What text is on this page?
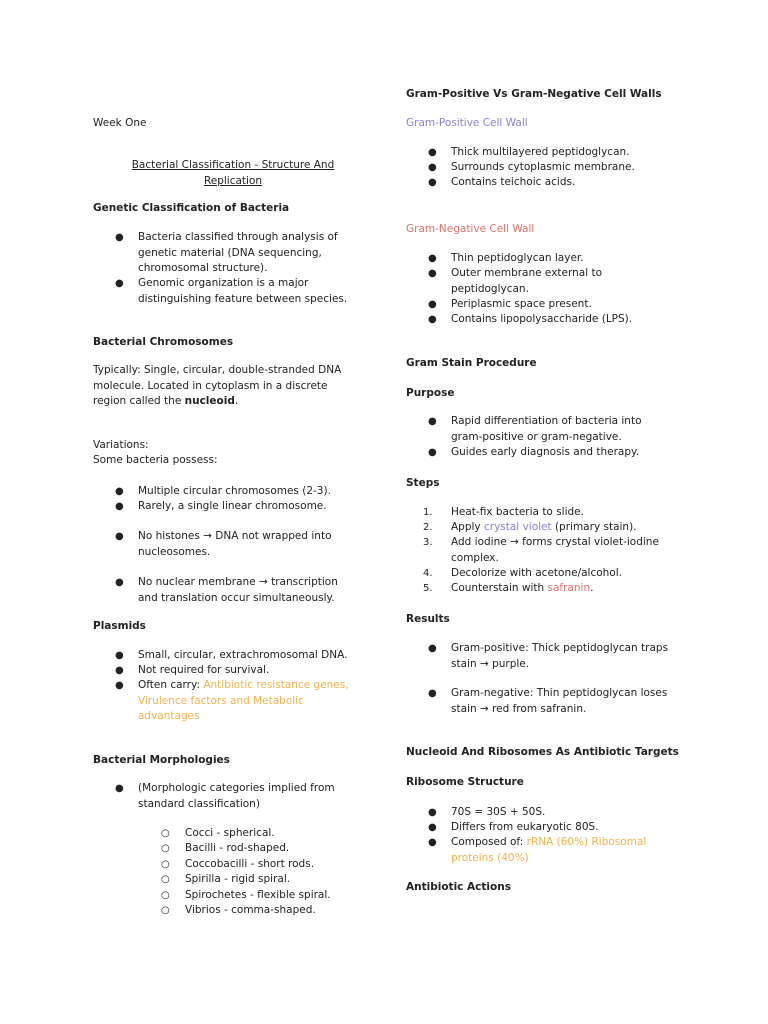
Week One
Bacterial Classification - Structure And Replication
Genetic Classification of Bacteria
● Bacteria classified through analysis of genetic material (DNA sequencing, chromosomal structure).
● Genomic organization is a major distinguishing feature between species.
Bacterial Chromosomes
Typically: Single, circular, double-stranded DNA molecule. Located in cytoplasm in a discrete region called the nucleoid.
Variations:
Some bacteria possess:
● Multiple circular chromosomes (2-3).
● Rarely, a single linear chromosome.
● No histones → DNA not wrapped into nucleosomes.
● No nuclear membrane → transcription and translation occur simultaneously.
Plasmids
● Small, circular, extrachromosomal DNA.
● Not required for survival.
● Often carry: Antibiotic resistance genes, Virulence factors and Metabolic advantages
Bacterial Morphologies
● (Morphologic categories implied from standard classification)
○ Cocci - spherical.
○ Bacilli - rod-shaped.
○ Coccobacilli - short rods.
○ Spirilla - rigid spiral.
○ Spirochetes - flexible spiral.
○ Vibrios - comma-shaped.
Gram-Positive Vs Gram-Negative Cell Walls
Gram-Positive Cell Wall
● Thick multilayered peptidoglycan.
● Surrounds cytoplasmic membrane.
● Contains teichoic acids.
Gram-Negative Cell Wall
● Thin peptidoglycan layer.
● Outer membrane external to peptidoglycan.
● Periplasmic space present.
● Contains lipopolysaccharide (LPS).
Gram Stain Procedure
Purpose
● Rapid differentiation of bacteria into gram-positive or gram-negative.
● Guides early diagnosis and therapy.
Steps
1. Heat-fix bacteria to slide.
2. Apply crystal violet (primary stain).
3. Add iodine → forms crystal violet-iodine complex.
4. Decolorize with acetone/alcohol.
5. Counterstain with safranin.
Results
● Gram-positive: Thick peptidoglycan traps stain → purple.
● Gram-negative: Thin peptidoglycan loses stain → red from safranin.
Nucleoid And Ribosomes As Antibiotic Targets
Ribosome Structure
● 70S = 30S + 50S.
● Differs from eukaryotic 80S.
● Composed of: rRNA (60%) Ribosomal proteins (40%)
Antibiotic Actions
